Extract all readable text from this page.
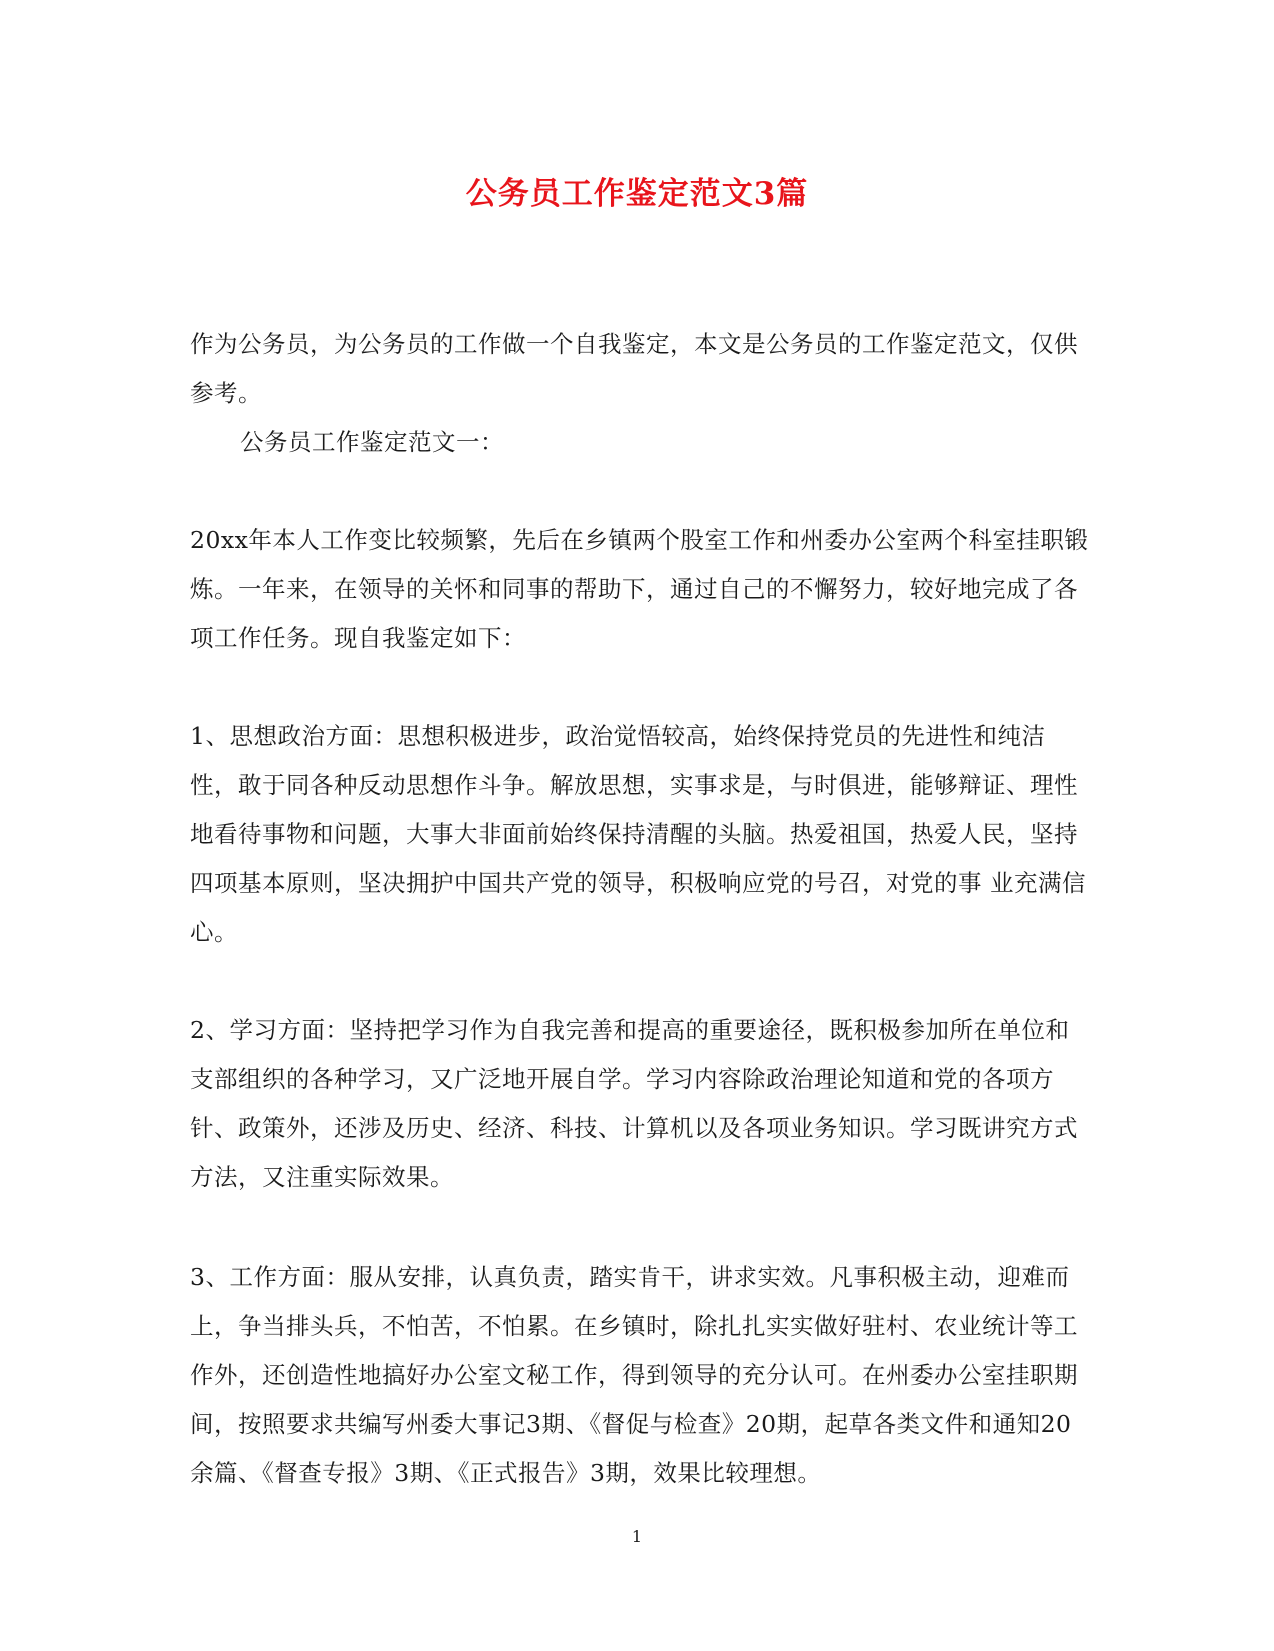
公务员工作鉴定范文3篇

作为公务员，为公务员的工作做一个自我鉴定，本文是公务员的工作鉴定范文，仅供参考。

公务员工作鉴定范文一：

20xx年本人工作变比较频繁，先后在乡镇两个股室工作和州委办公室两个科室挂职锻炼。一年来，在领导的关怀和同事的帮助下，通过自己的不懈努力，较好地完成了各项工作任务。现自我鉴定如下：

1、思想政治方面：思想积极进步，政治觉悟较高，始终保持党员的先进性和纯洁性，敢于同各种反动思想作斗争。解放思想，实事求是，与时俱进，能够辩证、理性地看待事物和问题，大事大非面前始终保持清醒的头脑。热爱祖国，热爱人民，坚持四项基本原则，坚决拥护中国共产党的领导，积极响应党的号召，对党的事 业充满信心。

2、学习方面：坚持把学习作为自我完善和提高的重要途径，既积极参加所在单位和支部组织的各种学习，又广泛地开展自学。学习内容除政治理论知道和党的各项方针、政策外，还涉及历史、经济、科技、计算机以及各项业务知识。学习既讲究方式方法，又注重实际效果。

3、工作方面：服从安排，认真负责，踏实肯干，讲求实效。凡事积极主动，迎难而上，争当排头兵，不怕苦，不怕累。在乡镇时，除扎扎实实做好驻村、农业统计等工作外，还创造性地搞好办公室文秘工作，得到领导的充分认可。在州委办公室挂职期间，按照要求共编写州委大事记3期、《督促与检查》20期，起草各类文件和通知20余篇、《督查专报》3期、《正式报告》3期，效果比较理想。

1
